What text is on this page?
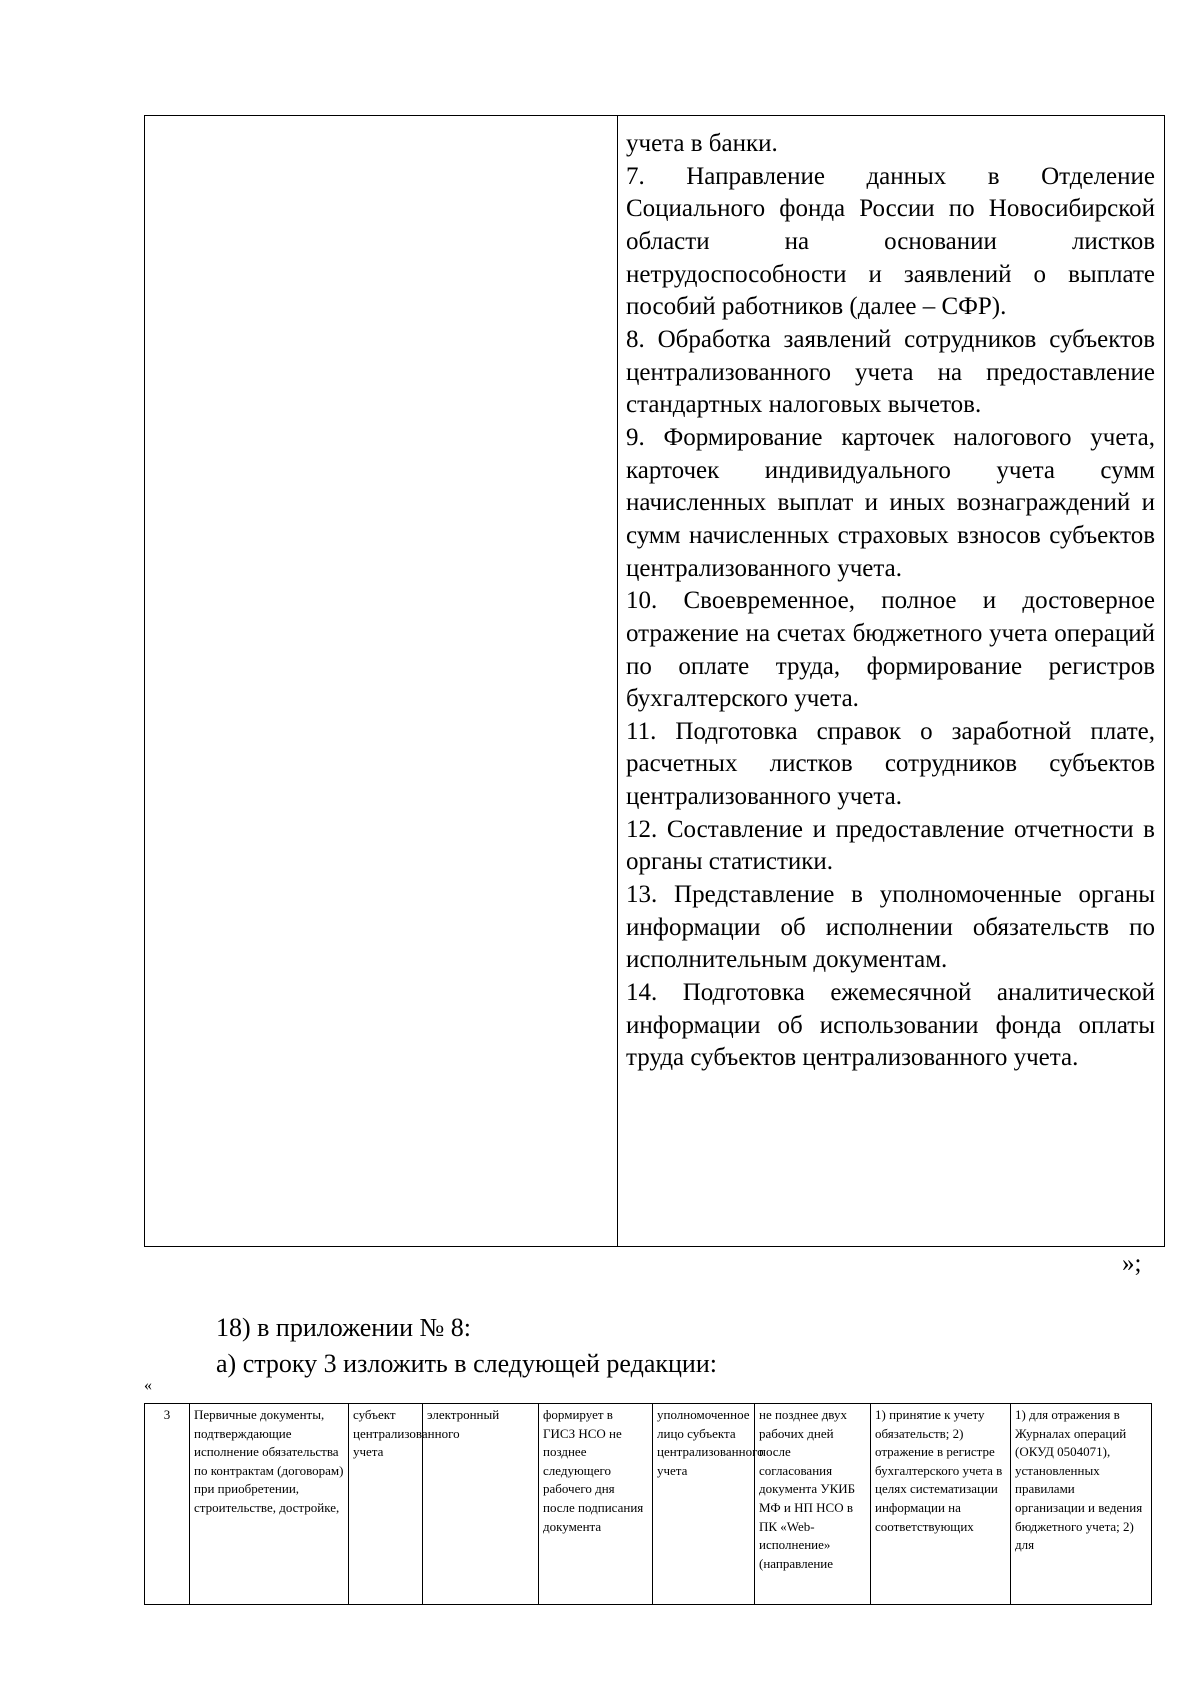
учета в банки.

7. Направление данных в Отделение Социального фонда России по Новосибирской области на основании листков нетрудоспособности и заявлений о выплате пособий работников (далее – СФР).

8. Обработка заявлений сотрудников субъектов централизованного учета на предоставление стандартных налоговых вычетов.

9. Формирование карточек налогового учета, карточек индивидуального учета сумм начисленных выплат и иных вознаграждений и сумм начисленных страховых взносов субъектов централизованного учета.

10. Своевременное, полное и достоверное отражение на счетах бюджетного учета операций по оплате труда, формирование регистров бухгалтерского учета.

11. Подготовка справок о заработной плате, расчетных листков сотрудников субъектов централизованного учета.

12. Составление и предоставление отчетности в органы статистики.

13. Представление в уполномоченные органы информации об исполнении обязательств по исполнительным документам.

14. Подготовка ежемесячной аналитической информации об использовании фонда оплаты труда субъектов централизованного учета.

»;
18) в приложении № 8:
а) строку 3 изложить в следующей редакции:
«
3	Первичные документы, подтверждающие исполнение обязательства по контрактам (договорам) при приобретении, строительстве, достройке,	субъект централизованного учета	электронный	формирует в ГИСЗ НСО не позднее следующего рабочего дня после подписания документа	уполномоченное лицо субъекта централизованного учета	не позднее двух рабочих дней после согласования документа УКИБ МФ и НП НСО в ПК «Web-исполнение» (направление	1) принятие к учету обязательств; 2) отражение в регистре бухгалтерского учета в целях систематизации информации на соответствующих	1) для отражения в Журналах операций (ОКУД 0504071), установленных правилами организации и ведения бюджетного учета; 2) для
